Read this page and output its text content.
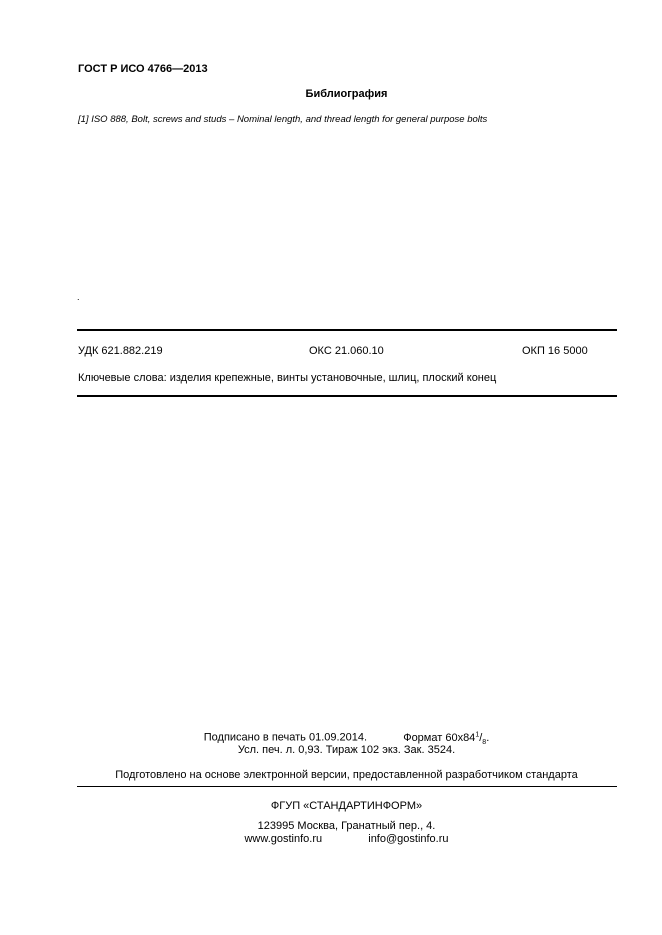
ГОСТ Р ИСО 4766—2013
Библиография
[1] ISO 888, Bolt, screws and studs – Nominal length, and thread length for general purpose bolts
.
УДК 621.882.219	ОКС 21.060.10	ОКП 16 5000
Ключевые слова: изделия крепежные, винты установочные, шлиц, плоский конец
Подписано в печать 01.09.2014.	Формат $60х84^1/_8$.
Усл. печ. л. 0,93. Тираж 102 экз. Зак. 3524.
Подготовлено на основе электронной версии, предоставленной разработчиком стандарта
ФГУП «СТАНДАРТИНФОРМ»
123995 Москва, Гранатный пер., 4.
www.gostinfo.ru	info@gostinfo.ru
